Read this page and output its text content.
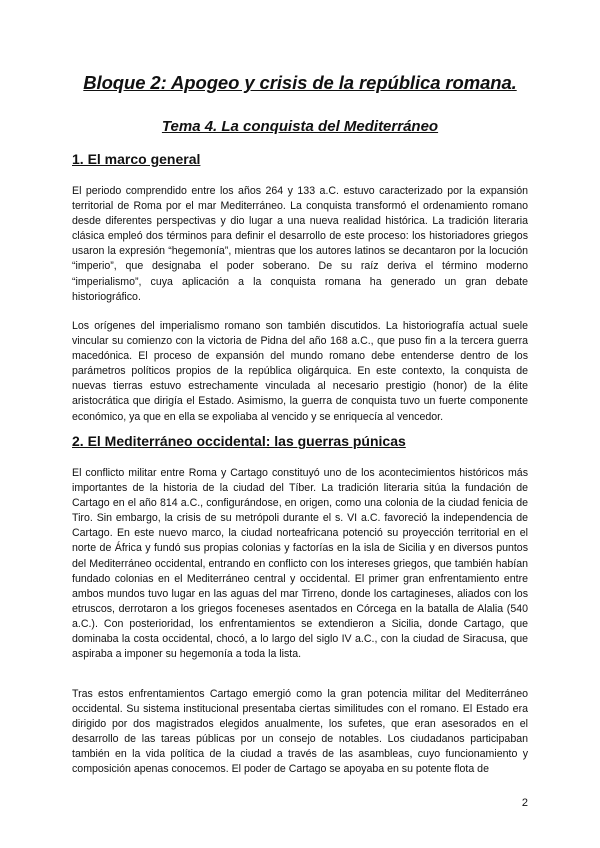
Bloque 2: Apogeo y crisis de la república romana.
Tema 4. La conquista del Mediterráneo
1. El marco general

El periodo comprendido entre los años 264 y 133 a.C. estuvo caracterizado por la expansión territorial de Roma por el mar Mediterráneo. La conquista transformó el ordenamiento romano desde diferentes perspectivas y dio lugar a una nueva realidad histórica. La tradición literaria clásica empleó dos términos para definir el desarrollo de este proceso: los historiadores griegos usaron la expresión “hegemonía”, mientras que los autores latinos se decantaron por la locución “imperio”, que designaba el poder soberano. De su raíz deriva el término moderno “imperialismo”, cuya aplicación a la conquista romana ha generado un gran debate historiográfico.

Los orígenes del imperialismo romano son también discutidos. La historiografía actual suele vincular su comienzo con la victoria de Pidna del año 168 a.C., que puso fin a la tercera guerra macedónica. El proceso de expansión del mundo romano debe entenderse dentro de los parámetros políticos propios de la república oligárquica. En este contexto, la conquista de nuevas tierras estuvo estrechamente vinculada al necesario prestigio (honor) de la élite aristocrática que dirigía el Estado. Asimismo, la guerra de conquista tuvo un fuerte componente económico, ya que en ella se expoliaba al vencido y se enriquecía al vencedor.

2. El Mediterráneo occidental: las guerras púnicas

El conflicto militar entre Roma y Cartago constituyó uno de los acontecimientos históricos más importantes de la historia de la ciudad del Tíber. La tradición literaria sitúa la fundación de Cartago en el año 814 a.C., configurándose, en origen, como una colonia de la ciudad fenicia de Tiro. Sin embargo, la crisis de su metrópoli durante el s. VI a.C. favoreció la independencia de Cartago. En este nuevo marco, la ciudad norteafricana potenció su proyección territorial en el norte de África y fundó sus propias colonias y factorías en la isla de Sicilia y en diversos puntos del Mediterráneo occidental, entrando en conflicto con los intereses griegos, que también habían fundado colonias en el Mediterráneo central y occidental. El primer gran enfrentamiento entre ambos mundos tuvo lugar en las aguas del mar Tirreno, donde los cartagineses, aliados con los etruscos, derrotaron a los griegos foceneses asentados en Córcega en la batalla de Alalia (540 a.C.). Con posterioridad, los enfrentamientos se extendieron a Sicilia, donde Cartago, que dominaba la costa occidental, chocó, a lo largo del siglo IV a.C., con la ciudad de Siracusa, que aspiraba a imponer su hegemonía a toda la lista.

Tras estos enfrentamientos Cartago emergió como la gran potencia militar del Mediterráneo occidental. Su sistema institucional presentaba ciertas similitudes con el romano. El Estado era dirigido por dos magistrados elegidos anualmente, los sufetes, que eran asesorados en el desarrollo de las tareas públicas por un consejo de notables. Los ciudadanos participaban también en la vida política de la ciudad a través de las asambleas, cuyo funcionamiento y composición apenas conocemos. El poder de Cartago se apoyaba en su potente flota de

2
